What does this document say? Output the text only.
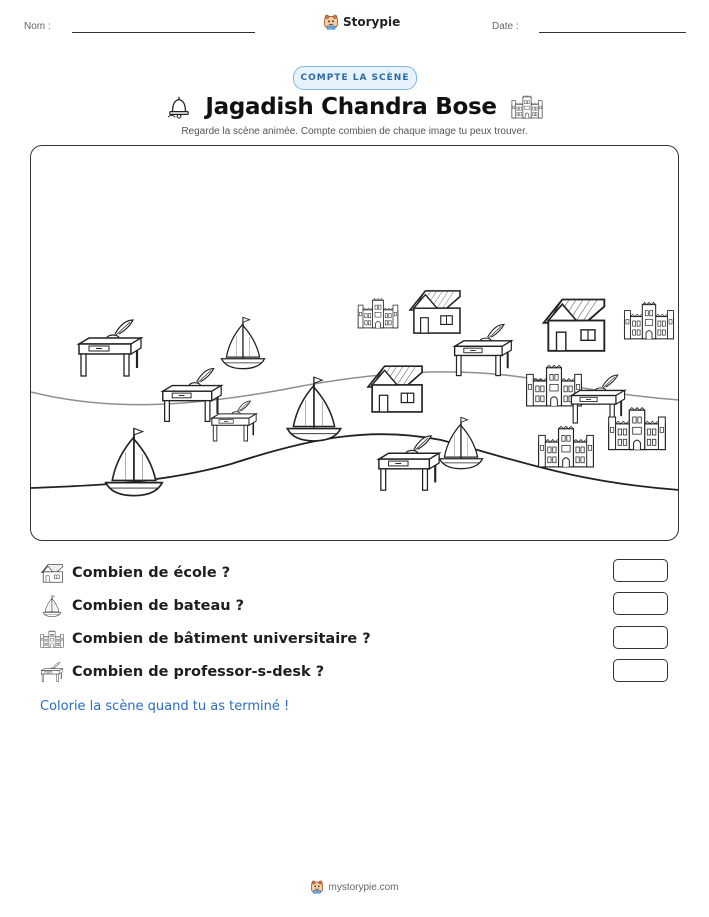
Nom :	Storypie	Date :
COMPTE LA SCÈNE
Jagadish Chandra Bose
Regarde la scène animée. Compte combien de chaque image tu peux trouver.
Combien de école ?
Combien de bateau ?
Combien de bâtiment universitaire ?
Combien de professor-s-desk ?
Colorie la scène quand tu as terminé !
mystorypie.com
